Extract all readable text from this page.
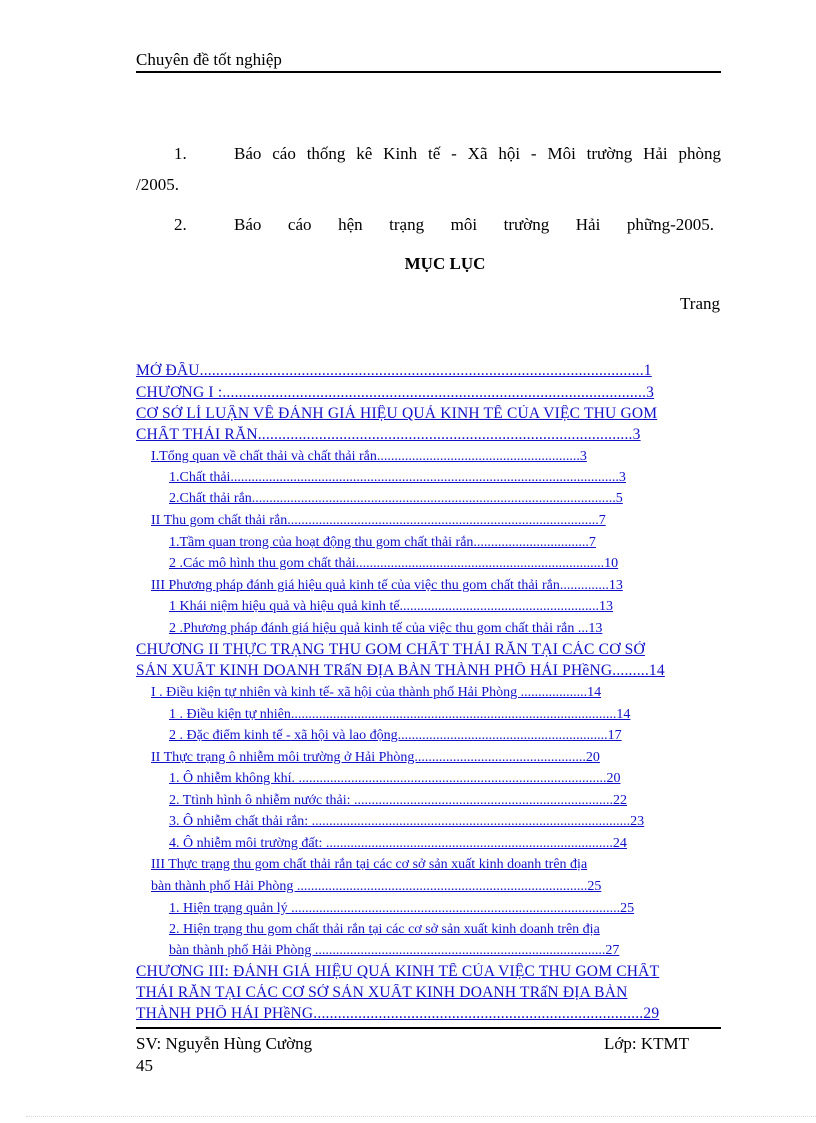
Chuyên đề tốt nghiệp
1.	Báo cáo thống kê Kinh tế - Xã hội - Môi trường Hải phòng
/2005.
2.	Báo cáo hện trạng môi trường Hải phững-2005.
MỤC LỤC
Trang
MỞ ĐẦU.............................................................................................................1
CHƯƠNG I :........................................................................................................3
CƠ SỞ LÍ LUẬN VỀ ĐÁNH GIÁ HIỆU QUẢ KINH TẾ CỦA VIỆC THU GOM
CHẤT THẢI RẮN............................................................................................3
I.Tổng quan về chất thải và chất thải rắn..........................................................3
1.Chất thải...............................................................................................................3
2.Chất thải rắn........................................................................................................5
II Thu gom chất thải rắn.........................................................................................7
1.Tầm quan trong của hoạt động thu gom chất thải rắn.................................7
2 .Các mô hình thu gom chất thải.......................................................................10
III Phương pháp đánh giá hiệu quả kinh tế của việc thu gom chất thải rắn..............13
1 Khái niệm hiệu quả và hiệu quả kinh tế.........................................................13
2 .Phương pháp đánh giá hiệu quả kinh tế của việc thu gom chất thải rắn ...13
CHƯƠNG II THỰC TRẠNG THU GOM CHẤT THẢI RẮN TẠI CÁC CƠ SỞ
SẢN XUẤT KINH DOANH TRấN ĐỊA BÀN THÀNH PHỐ HẢI PHềNG.........14
I . Điều kiện tự nhiên và kinh tế- xã hội của thành phố Hải Phòng ...................14
1 . Điều kiện tự nhiên.............................................................................................14
2 . Đặc điểm kinh tế - xã hội và lao động............................................................17
II Thực trạng ô nhiễm môi trường ở Hải Phòng.................................................20
1. Ô nhiễm không khí. ........................................................................................20
2. Ttình hình ô nhiễm nước thải: ..........................................................................22
3. Ô nhiễm chất thải rắn: ...........................................................................................23
4. Ô nhiễm môi trường đất: ..................................................................................24
III Thực trạng thu gom chất thải rắn tại các cơ sở sản xuất kinh doanh trên địa
bàn thành phố Hải Phòng ...................................................................................25
1. Hiện trạng quản lý ..............................................................................................25
2. Hiện trạng thu gom chất thải rắn tại các cơ sở sản xuất kinh doanh trên địa
bàn thành phố Hải Phòng ...................................................................................27
CHƯƠNG III: ĐÁNH GIÁ HIỆU QUẢ KINH TẾ CỦA VIỆC THU GOM CHẤT
THẢI RẮN TẠI CÁC CƠ SỞ SẢN XUẤT KINH DOANH TRấN ĐỊA BÀN
THÀNH PHỐ HẢI PHềNG.................................................................................29
SV: Nguyễn Hùng Cường	Lớp: KTMT
45
